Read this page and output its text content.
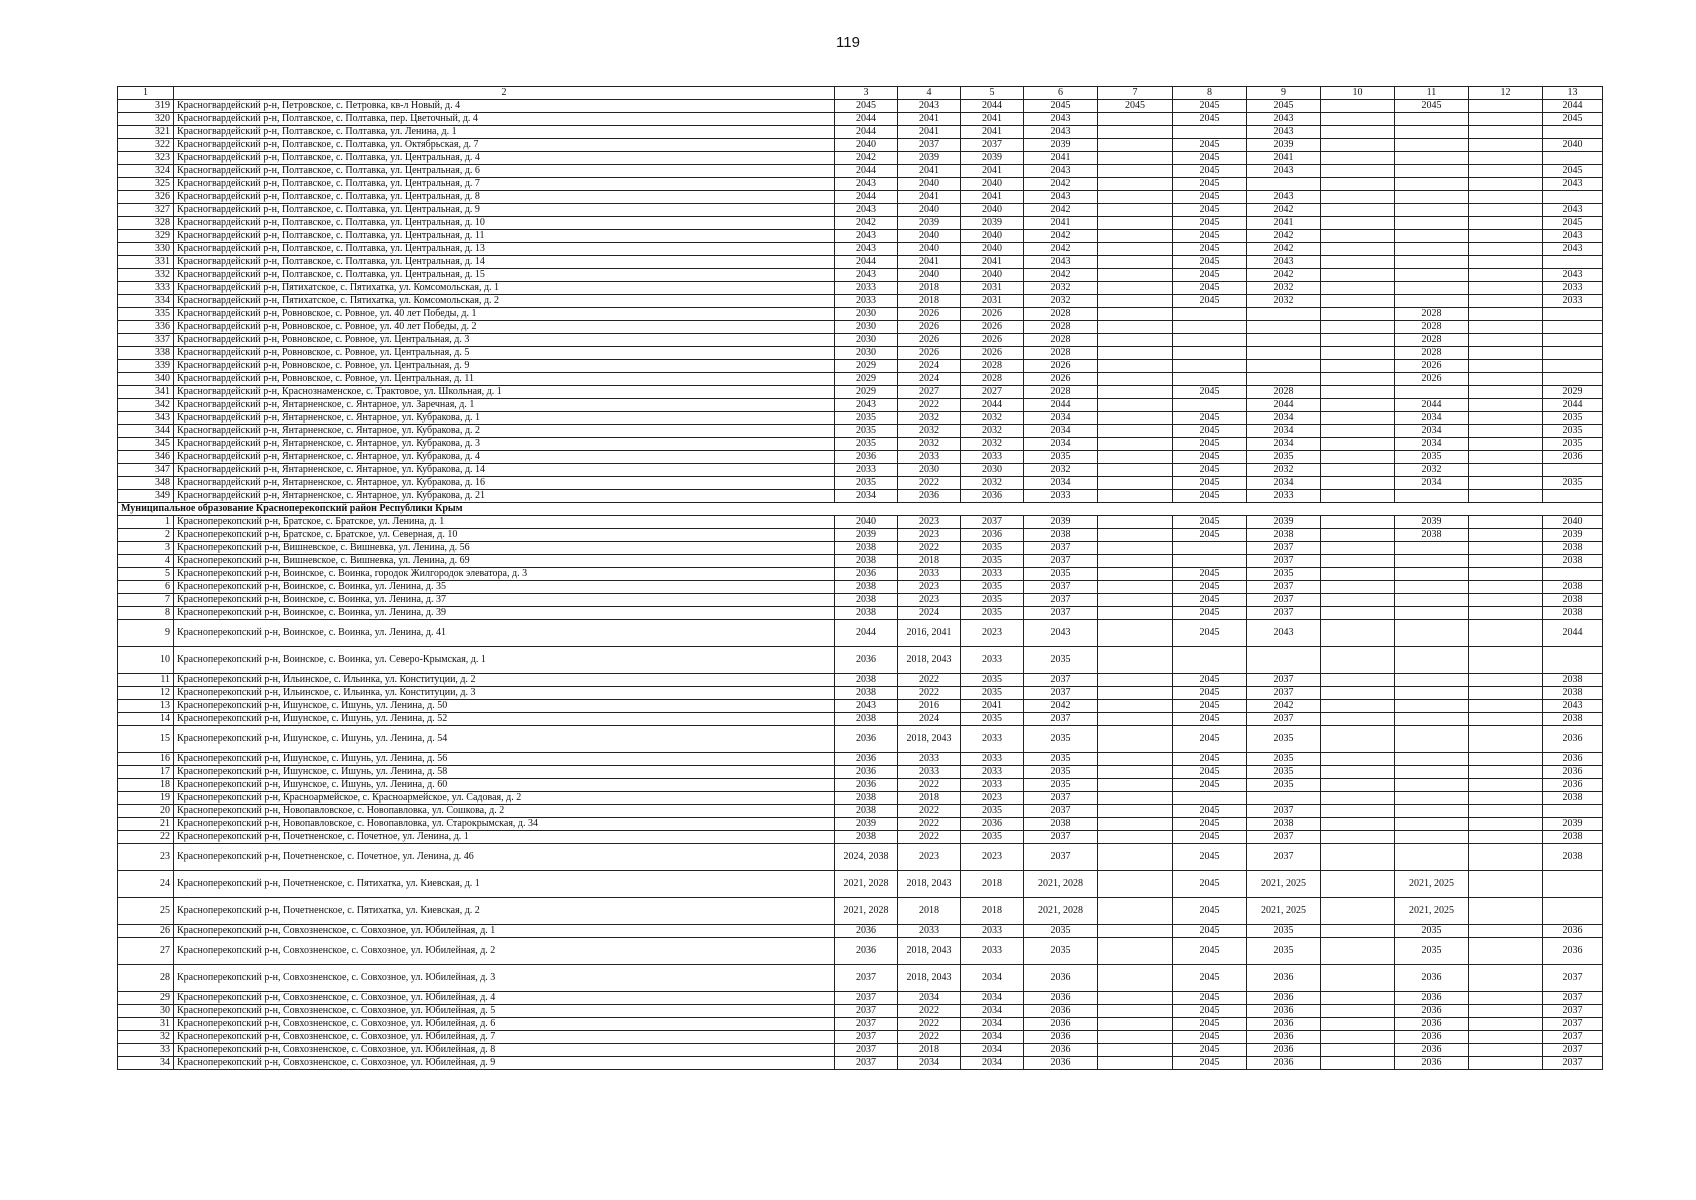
119
1	2	3	4	5	6	7	8	9	10	11	12	13
319	Красногвардейский р-н, Петровское, с. Петровка, кв-л Новый, д. 4	2045	2043	2044	2045	2045	2045	2045		2045		2044
320	Красногвардейский р-н, Полтавское, с. Полтавка, пер. Цветочный, д. 4	2044	2041	2041	2043		2045	2043				2045
321	Красногвардейский р-н, Полтавское, с. Полтавка, ул. Ленина, д. 1	2044	2041	2041	2043			2043				
322	Красногвардейский р-н, Полтавское, с. Полтавка, ул. Октябрьская, д. 7	2040	2037	2037	2039		2045	2039				2040
323	Красногвардейский р-н, Полтавское, с. Полтавка, ул. Центральная, д. 4	2042	2039	2039	2041		2045	2041				
324	Красногвардейский р-н, Полтавское, с. Полтавка, ул. Центральная, д. 6	2044	2041	2041	2043		2045	2043				2045
325	Красногвардейский р-н, Полтавское, с. Полтавка, ул. Центральная, д. 7	2043	2040	2040	2042		2045					2043
326	Красногвардейский р-н, Полтавское, с. Полтавка, ул. Центральная, д. 8	2044	2041	2041	2043		2045	2043				
327	Красногвардейский р-н, Полтавское, с. Полтавка, ул. Центральная, д. 9	2043	2040	2040	2042		2045	2042				2043
328	Красногвардейский р-н, Полтавское, с. Полтавка, ул. Центральная, д. 10	2042	2039	2039	2041		2045	2041				2045
329	Красногвардейский р-н, Полтавское, с. Полтавка, ул. Центральная, д. 11	2043	2040	2040	2042		2045	2042				2043
330	Красногвардейский р-н, Полтавское, с. Полтавка, ул. Центральная, д. 13	2043	2040	2040	2042		2045	2042				2043
331	Красногвардейский р-н, Полтавское, с. Полтавка, ул. Центральная, д. 14	2044	2041	2041	2043		2045	2043				
332	Красногвардейский р-н, Полтавское, с. Полтавка, ул. Центральная, д. 15	2043	2040	2040	2042		2045	2042				2043
333	Красногвардейский р-н, Пятихатское, с. Пятихатка, ул. Комсомольская, д. 1	2033	2018	2031	2032		2045	2032				2033
334	Красногвардейский р-н, Пятихатское, с. Пятихатка, ул. Комсомольская, д. 2	2033	2018	2031	2032		2045	2032				2033
335	Красногвардейский р-н, Ровновское, с. Ровное, ул. 40 лет Победы, д. 1	2030	2026	2026	2028					2028		
336	Красногвардейский р-н, Ровновское, с. Ровное, ул. 40 лет Победы, д. 2	2030	2026	2026	2028					2028		
337	Красногвардейский р-н, Ровновское, с. Ровное, ул. Центральная, д. 3	2030	2026	2026	2028					2028		
338	Красногвардейский р-н, Ровновское, с. Ровное, ул. Центральная, д. 5	2030	2026	2026	2028					2028		
339	Красногвардейский р-н, Ровновское, с. Ровное, ул. Центральная, д. 9	2029	2024	2028	2026					2026		
340	Красногвардейский р-н, Ровновское, с. Ровное, ул. Центральная, д. 11	2029	2024	2028	2026					2026		
341	Красногвардейский р-н, Краснознаменское, с. Трактовое, ул. Школьная, д. 1	2029	2027	2027	2028		2045	2028				2029
342	Красногвардейский р-н, Янтарненское, с. Янтарное, ул. Заречная, д. 1	2043	2022	2044	2044			2044		2044		2044
343	Красногвардейский р-н, Янтарненское, с. Янтарное, ул. Кубракова, д. 1	2035	2032	2032	2034		2045	2034		2034		2035
344	Красногвардейский р-н, Янтарненское, с. Янтарное, ул. Кубракова, д. 2	2035	2032	2032	2034		2045	2034		2034		2035
345	Красногвардейский р-н, Янтарненское, с. Янтарное, ул. Кубракова, д. 3	2035	2032	2032	2034		2045	2034		2034		2035
346	Красногвардейский р-н, Янтарненское, с. Янтарное, ул. Кубракова, д. 4	2036	2033	2033	2035		2045	2035		2035		2036
347	Красногвардейский р-н, Янтарненское, с. Янтарное, ул. Кубракова, д. 14	2033	2030	2030	2032		2045	2032		2032		
348	Красногвардейский р-н, Янтарненское, с. Янтарное, ул. Кубракова, д. 16	2035	2022	2032	2034		2045	2034		2034		2035
349	Красногвардейский р-н, Янтарненское, с. Янтарное, ул. Кубракова, д. 21	2034	2036	2036	2033		2045	2033				
Муниципальное образование Красноперекопский район Республики Крым												
1	Красноперекопский р-н, Братское, с. Братское, ул. Ленина, д. 1	2040	2023	2037	2039		2045	2039		2039		2040
2	Красноперекопский р-н, Братское, с. Братское, ул. Северная, д. 10	2039	2023	2036	2038		2045	2038		2038		2039
3	Красноперекопский р-н, Вишневское, с. Вишневка, ул. Ленина, д. 56	2038	2022	2035	2037			2037				2038
4	Красноперекопский р-н, Вишневское, с. Вишневка, ул. Ленина, д. 69	2038	2018	2035	2037			2037				2038
5	Красноперекопский р-н, Воинское, с. Воинка, городок Жилгородок элеватора, д. 3	2036	2033	2033	2035		2045	2035				
6	Красноперекопский р-н, Воинское, с. Воинка, ул. Ленина, д. 35	2038	2023	2035	2037		2045	2037				2038
7	Красноперекопский р-н, Воинское, с. Воинка, ул. Ленина, д. 37	2038	2023	2035	2037		2045	2037				2038
8	Красноперекопский р-н, Воинское, с. Воинка, ул. Ленина, д. 39	2038	2024	2035	2037		2045	2037				2038
9	Красноперекопский р-н, Воинское, с. Воинка, ул. Ленина, д. 41	2044	2016, 2041	2023	2043		2045	2043				2044
10	Красноперекопский р-н, Воинское, с. Воинка, ул. Северо-Крымская, д. 1	2036	2018, 2043	2033	2035							
11	Красноперекопский р-н, Ильинское, с. Ильинка, ул. Конституции, д. 2	2038	2022	2035	2037		2045	2037				2038
12	Красноперекопский р-н, Ильинское, с. Ильинка, ул. Конституции, д. 3	2038	2022	2035	2037		2045	2037				2038
13	Красноперекопский р-н, Ишунское, с. Ишунь, ул. Ленина, д. 50	2043	2016	2041	2042		2045	2042				2043
14	Красноперекопский р-н, Ишунское, с. Ишунь, ул. Ленина, д. 52	2038	2024	2035	2037		2045	2037				2038
15	Красноперекопский р-н, Ишунское, с. Ишунь, ул. Ленина, д. 54	2036	2018, 2043	2033	2035		2045	2035				2036
16	Красноперекопский р-н, Ишунское, с. Ишунь, ул. Ленина, д. 56	2036	2033	2033	2035		2045	2035				2036
17	Красноперекопский р-н, Ишунское, с. Ишунь, ул. Ленина, д. 58	2036	2033	2033	2035		2045	2035				2036
18	Красноперекопский р-н, Ишунское, с. Ишунь, ул. Ленина, д. 60	2036	2022	2033	2035		2045	2035				2036
19	Красноперекопский р-н, Красноармейское, с. Красноармейское, ул. Садовая, д. 2	2038	2018	2023	2037							2038
20	Красноперекопский р-н, Новопавловское, с. Новопавловка, ул. Сошкова, д. 2	2038	2022	2035	2037		2045	2037				
21	Красноперекопский р-н, Новопавловское, с. Новопавловка, ул. Старокрымская, д. 34	2039	2022	2036	2038		2045	2038				2039
22	Красноперекопский р-н, Почетненское, с. Почетное, ул. Ленина, д. 1	2038	2022	2035	2037		2045	2037				2038
23	Красноперекопский р-н, Почетненское, с. Почетное, ул. Ленина, д. 46	2024, 2038	2023	2023	2037		2045	2037				2038
24	Красноперекопский р-н, Почетненское, с. Пятихатка, ул. Киевская, д. 1	2021, 2028	2018, 2043	2018	2021, 2028		2045	2021, 2025		2021, 2025		
25	Красноперекопский р-н, Почетненское, с. Пятихатка, ул. Киевская, д. 2	2021, 2028	2018	2018	2021, 2028		2045	2021, 2025		2021, 2025		
26	Красноперекопский р-н, Совхозненское, с. Совхозное, ул. Юбилейная, д. 1	2036	2033	2033	2035		2045	2035		2035		2036
27	Красноперекопский р-н, Совхозненское, с. Совхозное, ул. Юбилейная, д. 2	2036	2018, 2043	2033	2035		2045	2035		2035		2036
28	Красноперекопский р-н, Совхозненское, с. Совхозное, ул. Юбилейная, д. 3	2037	2018, 2043	2034	2036		2045	2036		2036		2037
29	Красноперекопский р-н, Совхозненское, с. Совхозное, ул. Юбилейная, д. 4	2037	2034	2034	2036		2045	2036		2036		2037
30	Красноперекопский р-н, Совхозненское, с. Совхозное, ул. Юбилейная, д. 5	2037	2022	2034	2036		2045	2036		2036		2037
31	Красноперекопский р-н, Совхозненское, с. Совхозное, ул. Юбилейная, д. 6	2037	2022	2034	2036		2045	2036		2036		2037
32	Красноперекопский р-н, Совхозненское, с. Совхозное, ул. Юбилейная, д. 7	2037	2022	2034	2036		2045	2036		2036		2037
33	Красноперекопский р-н, Совхозненское, с. Совхозное, ул. Юбилейная, д. 8	2037	2018	2034	2036		2045	2036		2036		2037
34	Красноперекопский р-н, Совхозненское, с. Совхозное, ул. Юбилейная, д. 9	2037	2034	2034	2036		2045	2036		2036		2037
